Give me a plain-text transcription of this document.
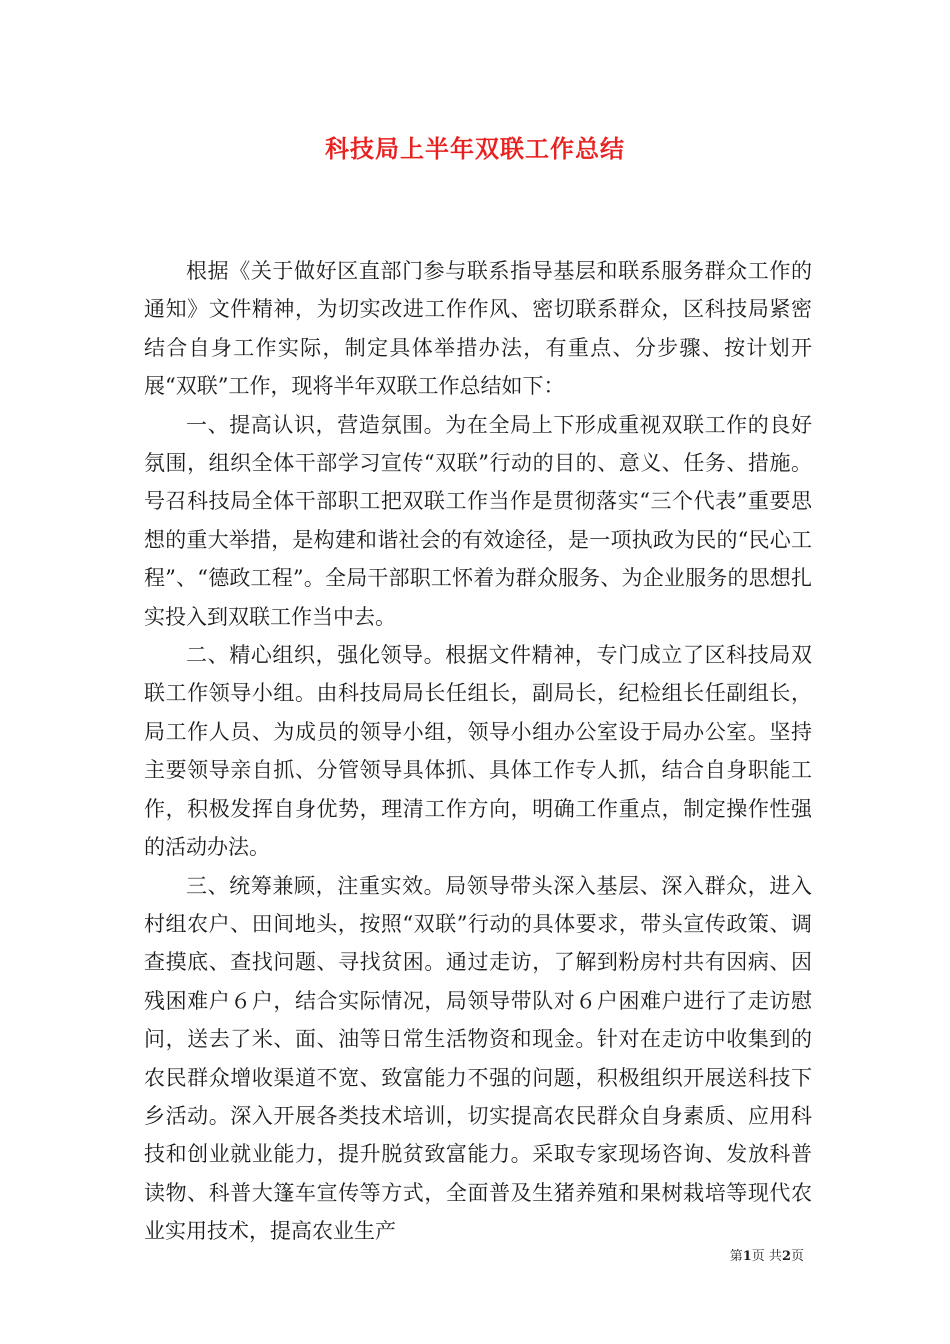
科技局上半年双联工作总结

根据《关于做好区直部门参与联系指导基层和联系服务群众工作的通知》文件精神，为切实改进工作作风、密切联系群众，区科技局紧密结合自身工作实际，制定具体举措办法，有重点、分步骤、按计划开展“双联”工作，现将半年双联工作总结如下：

一、提高认识，营造氛围。为在全局上下形成重视双联工作的良好氛围，组织全体干部学习宣传“双联”行动的目的、意义、任务、措施。号召科技局全体干部职工把双联工作当作是贯彻落实“三个代表”重要思想的重大举措，是构建和谐社会的有效途径，是一项执政为民的“民心工程”、“德政工程”。全局干部职工怀着为群众服务、为企业服务的思想扎实投入到双联工作当中去。

二、精心组织，强化领导。根据文件精神，专门成立了区科技局双联工作领导小组。由科技局局长任组长，副局长，纪检组长任副组长，局工作人员、为成员的领导小组，领导小组办公室设于局办公室。坚持主要领导亲自抓、分管领导具体抓、具体工作专人抓，结合自身职能工作，积极发挥自身优势，理清工作方向，明确工作重点，制定操作性强的活动办法。

三、统筹兼顾，注重实效。局领导带头深入基层、深入群众，进入村组农户、田间地头，按照“双联”行动的具体要求，带头宣传政策、调查摸底、查找问题、寻找贫困。通过走访，了解到粉房村共有因病、因残困难户６户，结合实际情况，局领导带队对６户困难户进行了走访慰问，送去了米、面、油等日常生活物资和现金。针对在走访中收集到的农民群众增收渠道不宽、致富能力不强的问题，积极组织开展送科技下乡活动。深入开展各类技术培训，切实提高农民群众自身素质、应用科技和创业就业能力，提升脱贫致富能力。采取专家现场咨询、发放科普读物、科普大篷车宣传等方式，全面普及生猪养殖和果树栽培等现代农业实用技术，提高农业生产

第1页 共2页
